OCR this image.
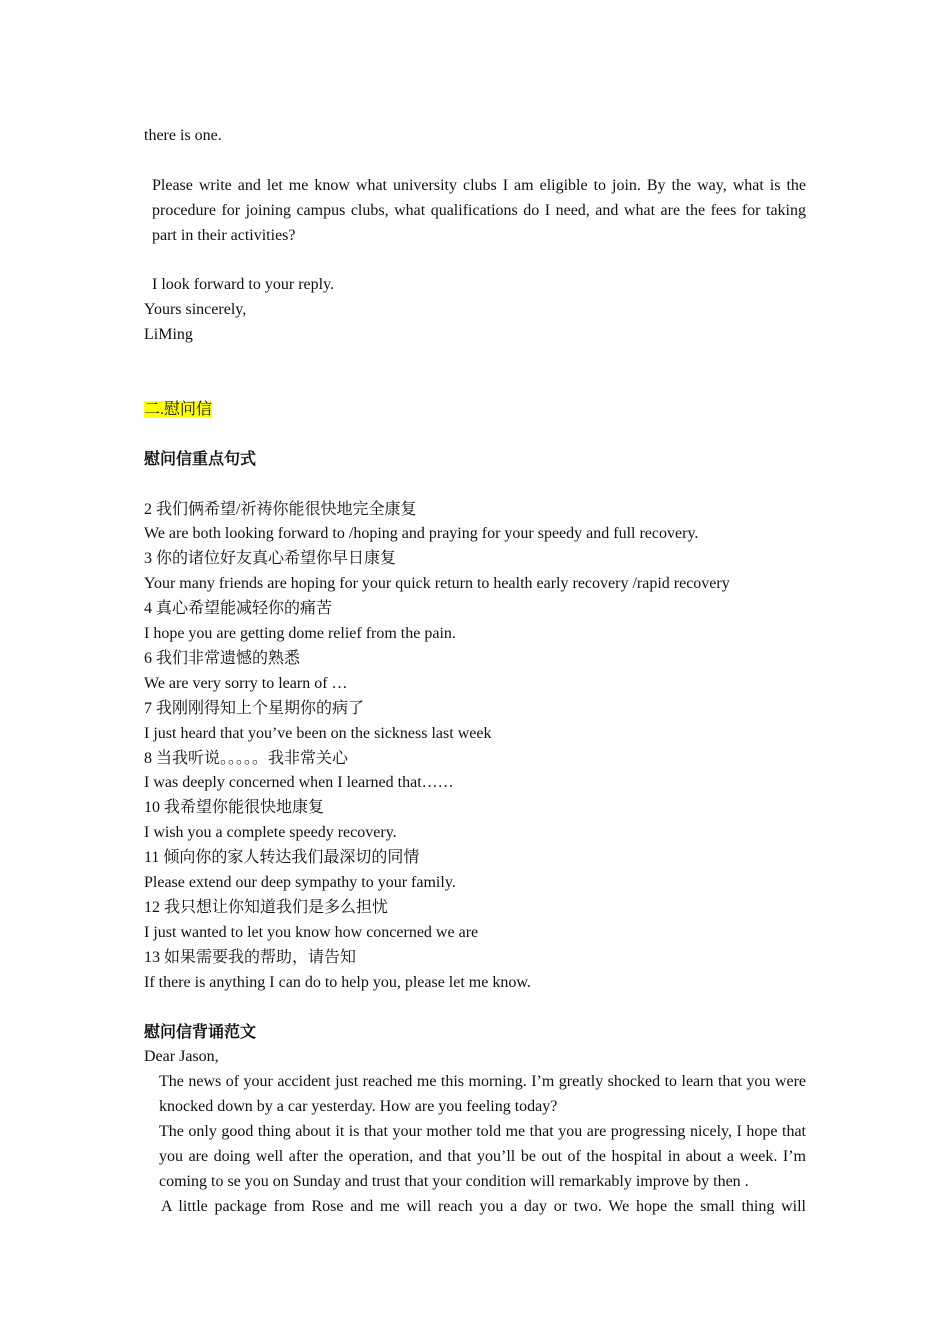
there is one.
Please write and let me know what university clubs I am eligible to join. By the way, what is the procedure for joining campus clubs, what qualifications do I need, and what are the fees for taking part in their activities?
I look forward to your reply.
Yours sincerely,
LiMing
二.慰问信
慰问信重点句式
2 我们俩希望/祈祷你能很快地完全康复
We are both looking forward to /hoping and praying for your speedy and full recovery.
3 你的诸位好友真心希望你早日康复
Your many friends are hoping for your quick return to health early recovery /rapid recovery
4 真心希望能减轻你的痛苦
I hope you are getting dome relief from the pain.
6 我们非常遗憾的熟悉
We are very sorry to learn of …
7 我刚刚得知上个星期你的病了
I just heard that you’ve been on the sickness last week
8 当我听说。。。。。我非常关心
I was deeply concerned when I learned that……
10 我希望你能很快地康复
I wish you a complete speedy recovery.
11 倾向你的家人转达我们最深切的同情
Please extend our deep sympathy to your family.
12 我只想让你知道我们是多么担忧
I just wanted to let you know how concerned we are
13 如果需要我的帮助，请告知
If there is anything I can do to help you, please let me know.
慰问信背诵范文
Dear Jason,
The news of your accident just reached me this morning. I’m greatly shocked to learn that you were knocked down by a car yesterday. How are you feeling today?
The only good thing about it is that your mother told me that you are progressing nicely, I hope that you are doing well after the operation, and that you’ll be out of the hospital in about a week. I’m coming to se you on Sunday and trust that your condition will remarkably improve by then .
A little package from Rose and me will reach you a day or two. We hope the small thing will
